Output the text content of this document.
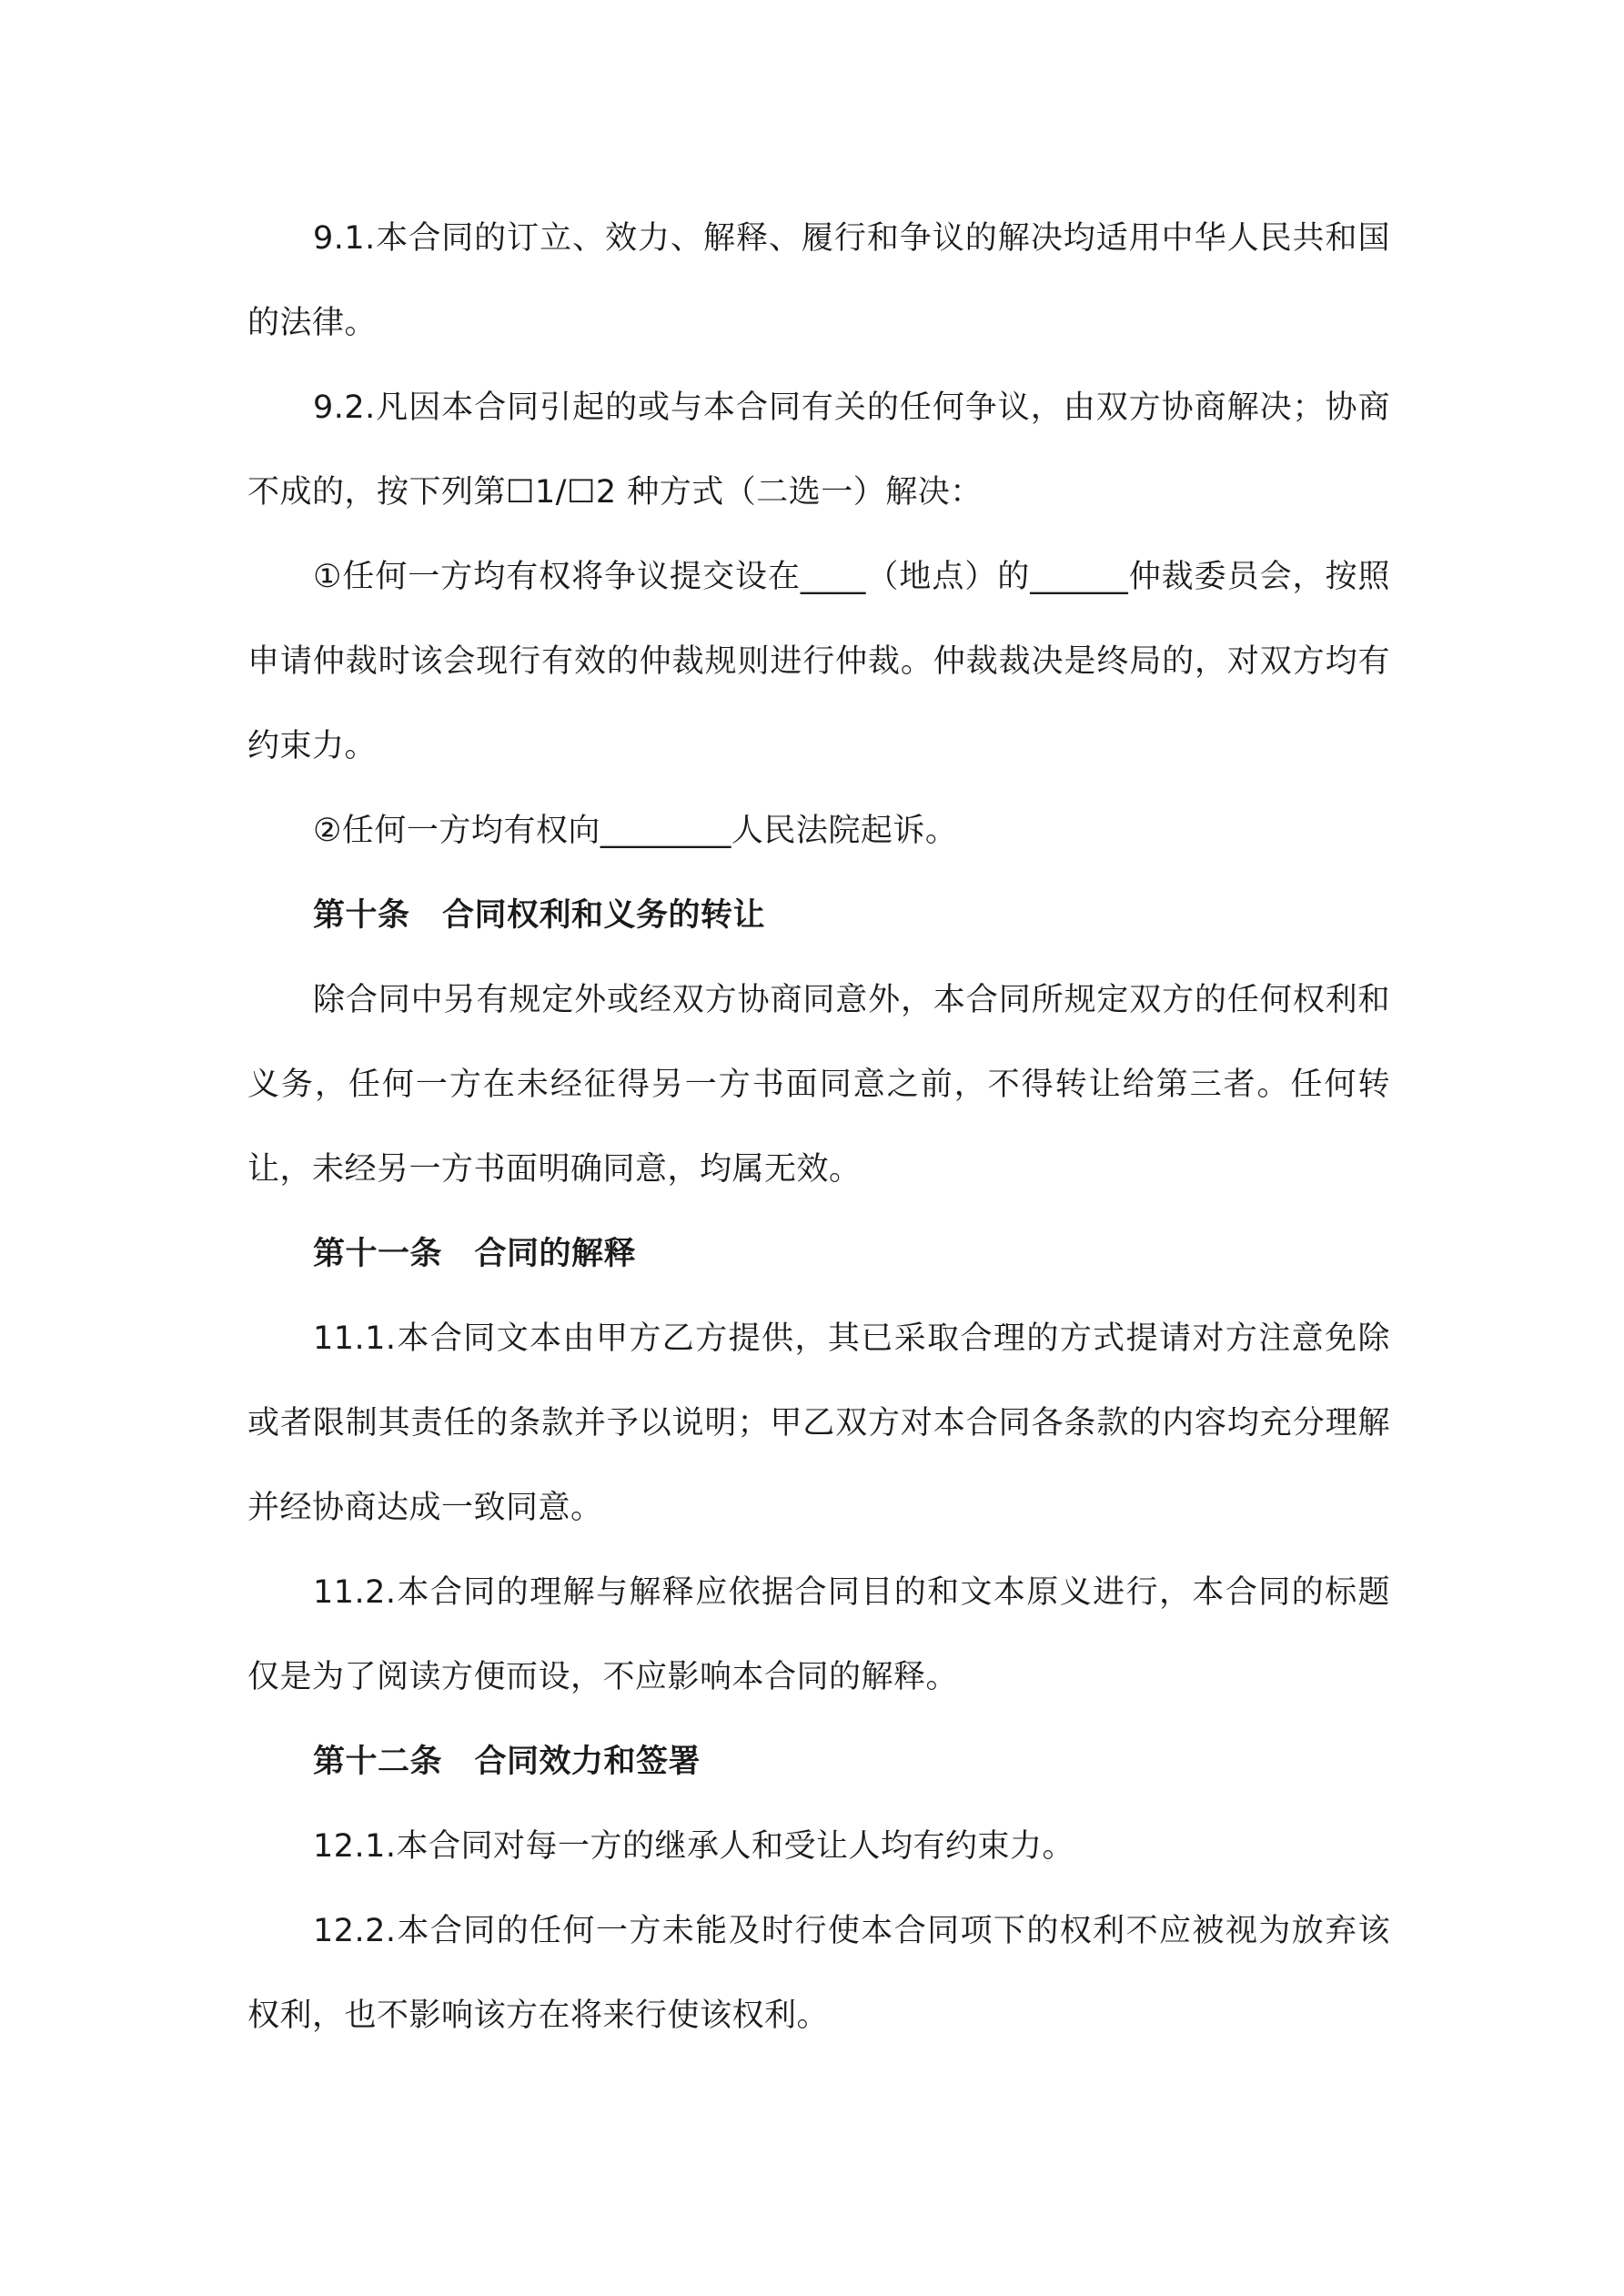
9.1.本合同的订立、效力、解释、履行和争议的解决均适用中华人民共和国的法律。

9.2.凡因本合同引起的或与本合同有关的任何争议，由双方协商解决；协商不成的，按下列第☐1/☐2 种方式（二选一）解决：

①任何一方均有权将争议提交设在____（地点）的______仲裁委员会，按照申请仲裁时该会现行有效的仲裁规则进行仲裁。仲裁裁决是终局的，对双方均有约束力。

②任何一方均有权向________人民法院起诉。

第十条　合同权利和义务的转让

除合同中另有规定外或经双方协商同意外，本合同所规定双方的任何权利和义务，任何一方在未经征得另一方书面同意之前，不得转让给第三者。任何转让，未经另一方书面明确同意，均属无效。

第十一条　合同的解释

11.1.本合同文本由甲方乙方提供，其已采取合理的方式提请对方注意免除或者限制其责任的条款并予以说明；甲乙双方对本合同各条款的内容均充分理解并经协商达成一致同意。

11.2.本合同的理解与解释应依据合同目的和文本原义进行，本合同的标题仅是为了阅读方便而设，不应影响本合同的解释。

第十二条　合同效力和签署

12.1.本合同对每一方的继承人和受让人均有约束力。

12.2.本合同的任何一方未能及时行使本合同项下的权利不应被视为放弃该权利，也不影响该方在将来行使该权利。
